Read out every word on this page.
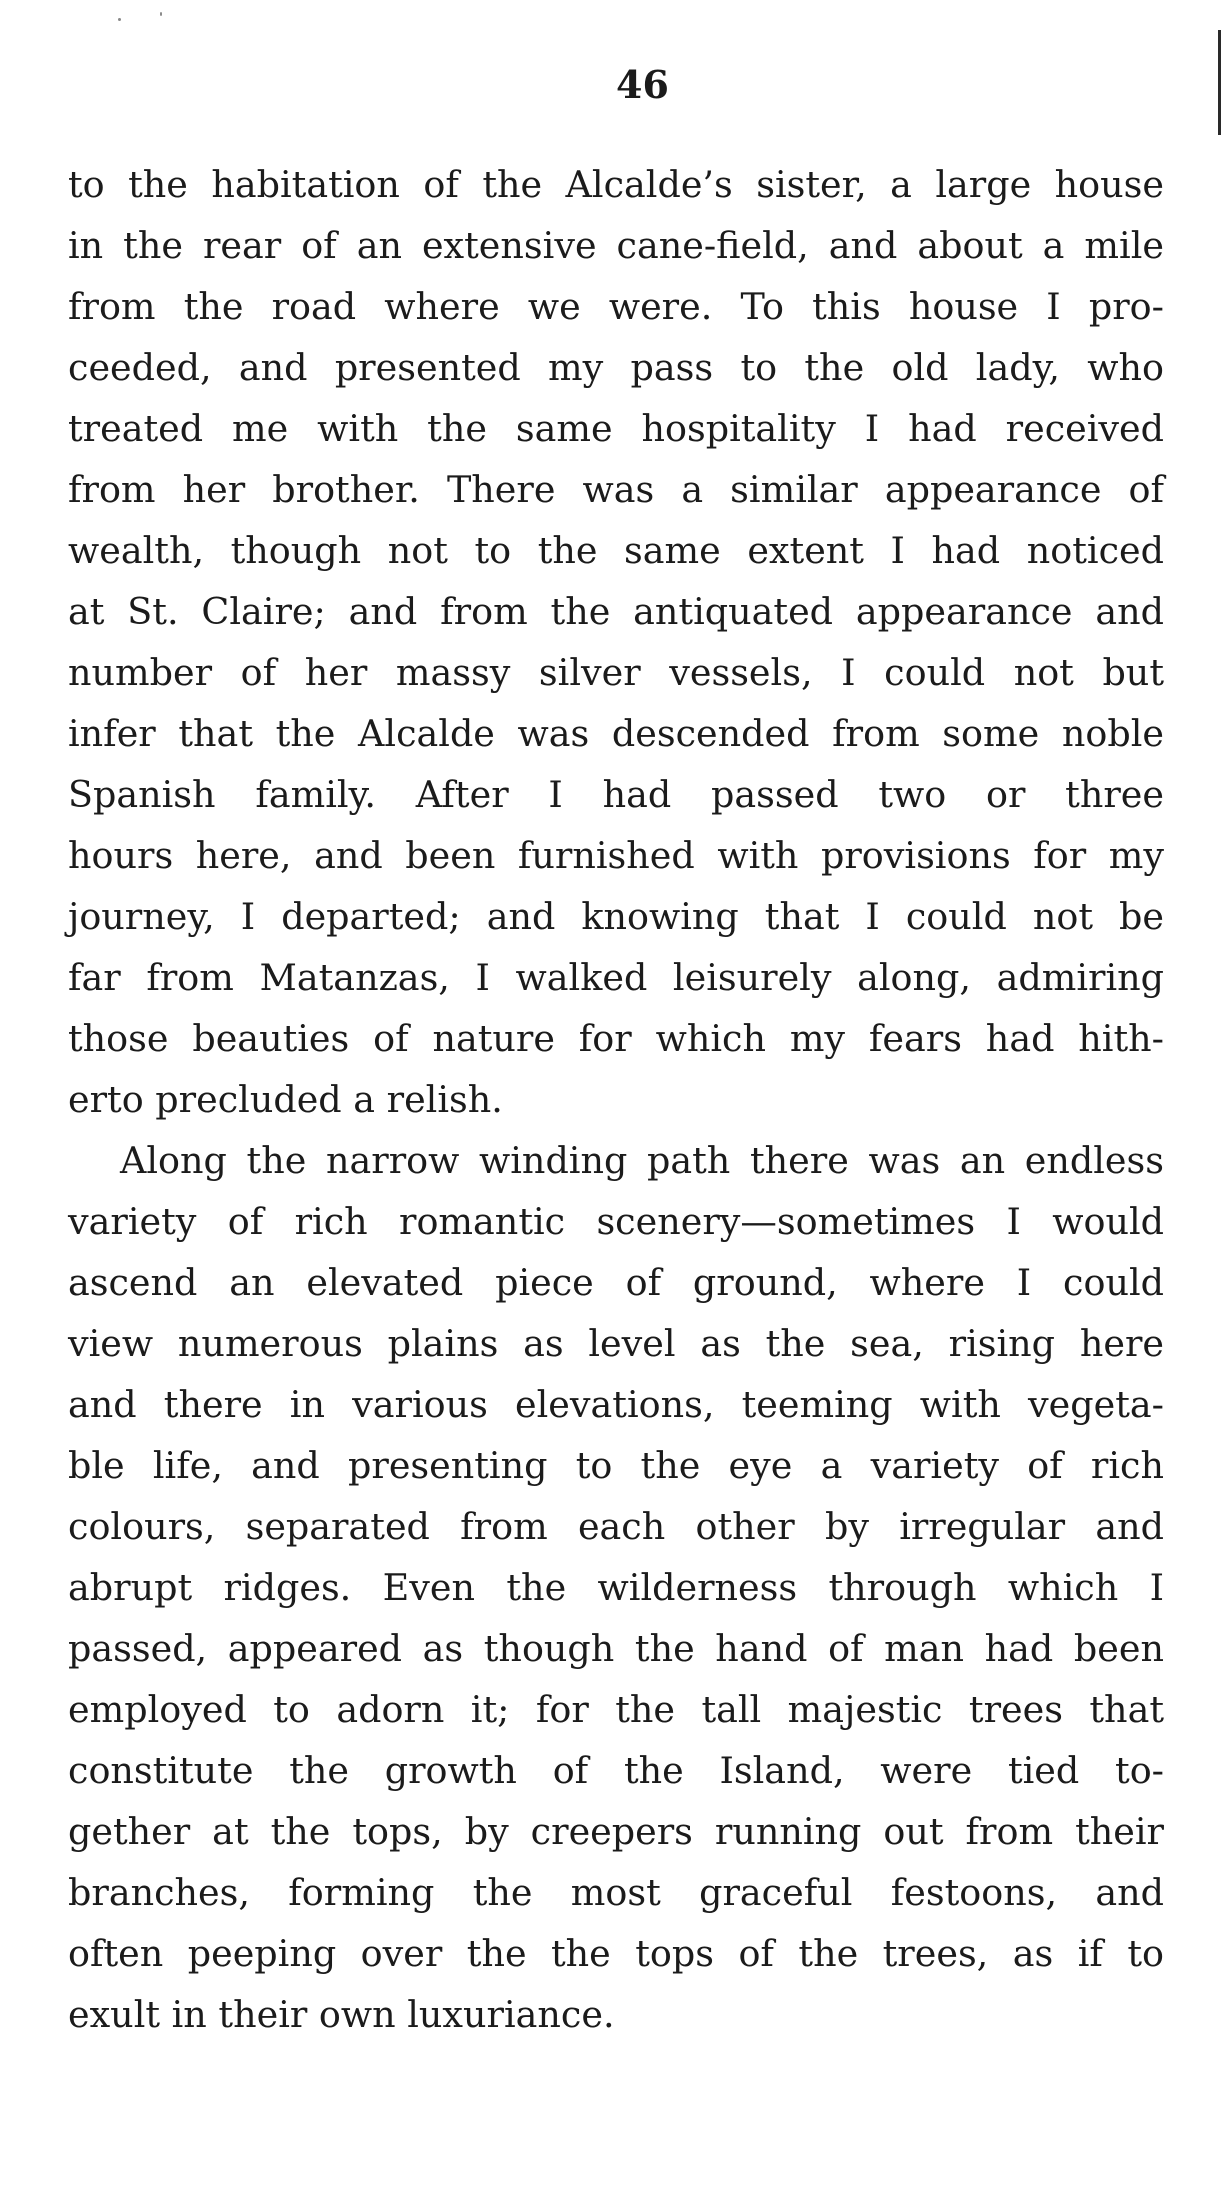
46
to the habitation of the Alcalde’s sister, a large house
in the rear of an extensive cane-field, and about a mile
from the road where we were. To this house I pro-
ceeded, and presented my pass to the old lady, who
treated me with the same hospitality I had received
from her brother. There was a similar appearance of
wealth, though not to the same extent I had noticed
at St. Claire; and from the antiquated appearance and
number of her massy silver vessels, I could not but
infer that the Alcalde was descended from some noble
Spanish family. After I had passed two or three
hours here, and been furnished with provisions for my
journey, I departed; and knowing that I could not be
far from Matanzas, I walked leisurely along, admiring
those beauties of nature for which my fears had hith-
erto precluded a relish.
Along the narrow winding path there was an endless
variety of rich romantic scenery—sometimes I would
ascend an elevated piece of ground, where I could
view numerous plains as level as the sea, rising here
and there in various elevations, teeming with vegeta-
ble life, and presenting to the eye a variety of rich
colours, separated from each other by irregular and
abrupt ridges. Even the wilderness through which I
passed, appeared as though the hand of man had been
employed to adorn it; for the tall majestic trees that
constitute the growth of the Island, were tied to-
gether at the tops, by creepers running out from their
branches, forming the most graceful festoons, and
often peeping over the the tops of the trees, as if to
exult in their own luxuriance.
